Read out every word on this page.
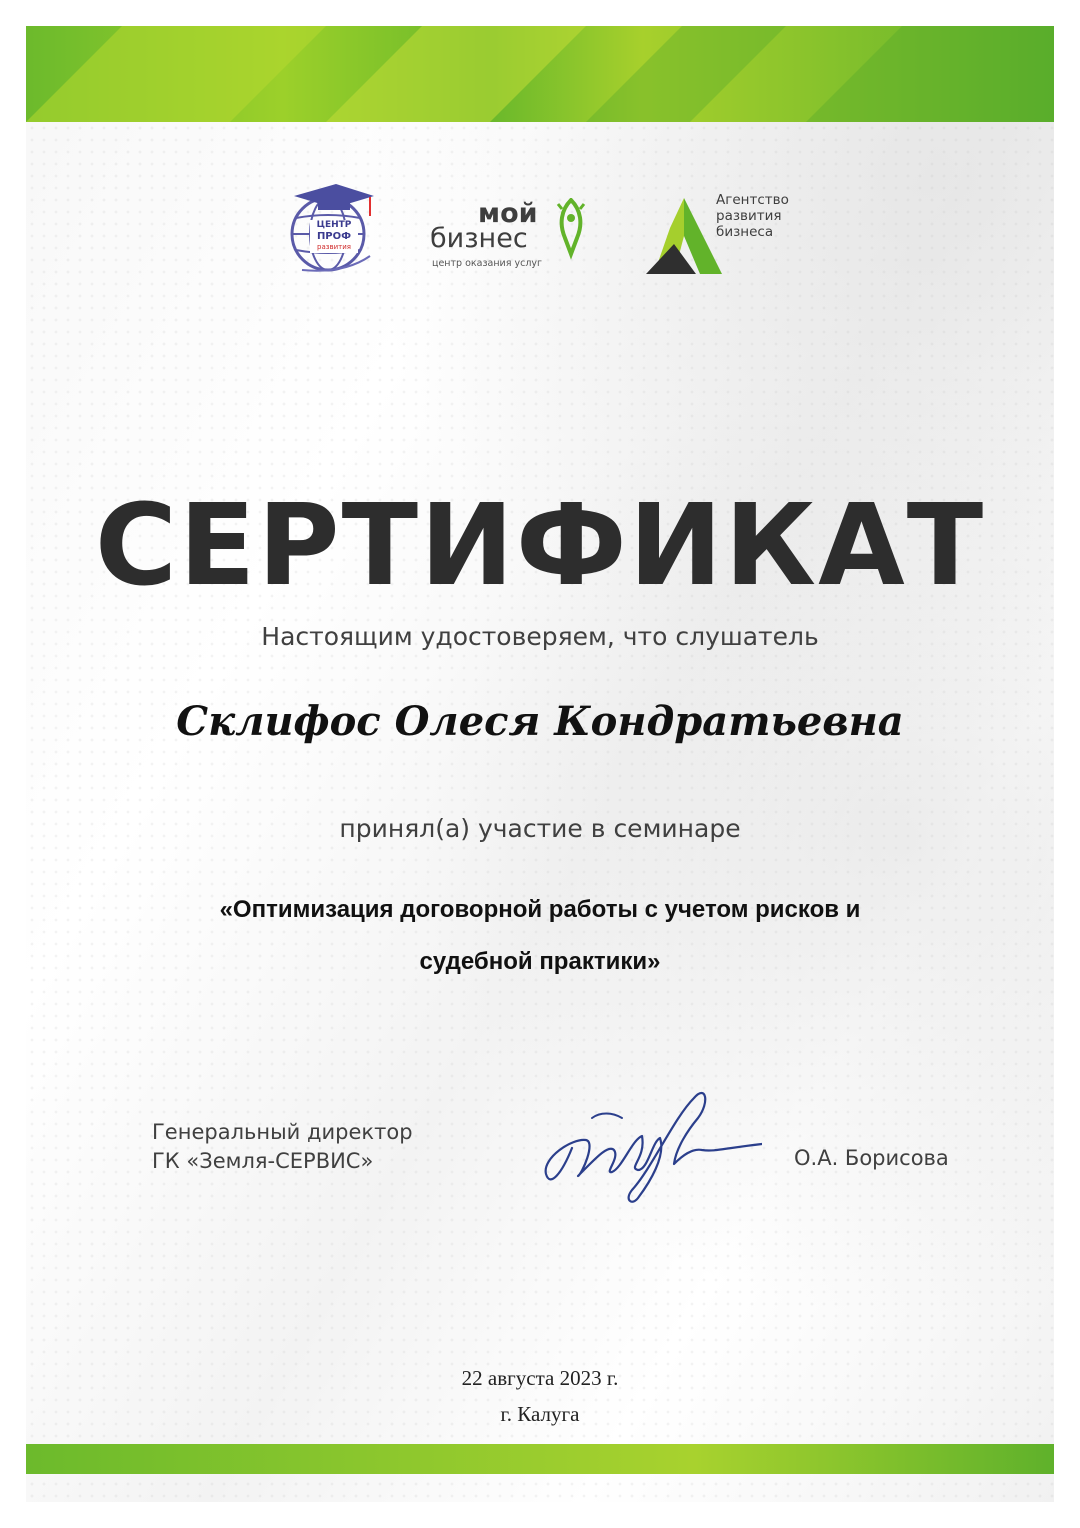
ЦЕНТР
ПРОФ
развития
мой
бизнес
центр оказания услуг
Агентство
развития
бизнеса
СЕРТИФИКАТ
Настоящим удостоверяем, что слушатель
Склифос Олеся Кондратьевна
принял(а) участие в семинаре
«Оптимизация договорной работы с учетом рисков и
судебной практики»
Генеральный директор
ГК «Земля-СЕРВИС»	О.А. Борисова
22 августа 2023 г.
г. Калуга
